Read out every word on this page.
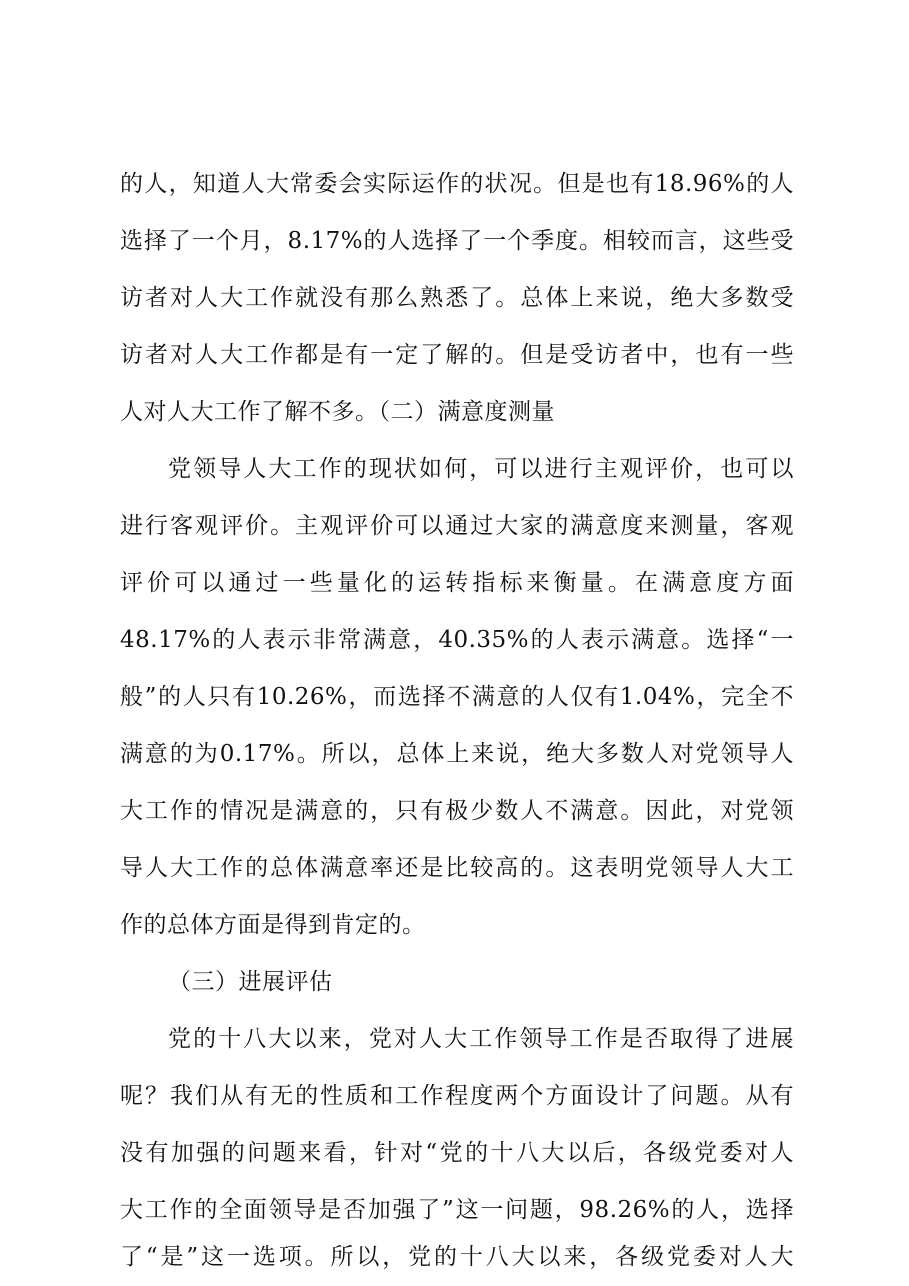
的人，知道人大常委会实际运作的状况。但是也有18.96%的人
选择了一个月，8.17%的人选择了一个季度。相较而言，这些受
访者对人大工作就没有那么熟悉了。总体上来说，绝大多数受
访者对人大工作都是有一定了解的。但是受访者中，也有一些
人对人大工作了解不多。（二）满意度测量
党领导人大工作的现状如何，可以进行主观评价，也可以
进行客观评价。主观评价可以通过大家的满意度来测量，客观
评价可以通过一些量化的运转指标来衡量。在满意度方面
48.17%的人表示非常满意，40.35%的人表示满意。选择“一
般”的人只有10.26%，而选择不满意的人仅有1.04%，完全不
满意的为0.17%。所以，总体上来说，绝大多数人对党领导人
大工作的情况是满意的，只有极少数人不满意。因此，对党领
导人大工作的总体满意率还是比较高的。这表明党领导人大工
作的总体方面是得到肯定的。
（三）进展评估
党的十八大以来，党对人大工作领导工作是否取得了进展
呢？我们从有无的性质和工作程度两个方面设计了问题。从有
没有加强的问题来看，针对“党的十八大以后，各级党委对人
大工作的全面领导是否加强了”这一问题，98.26%的人，选择
了“是”这一选项。所以，党的十八大以来，各级党委对人大
